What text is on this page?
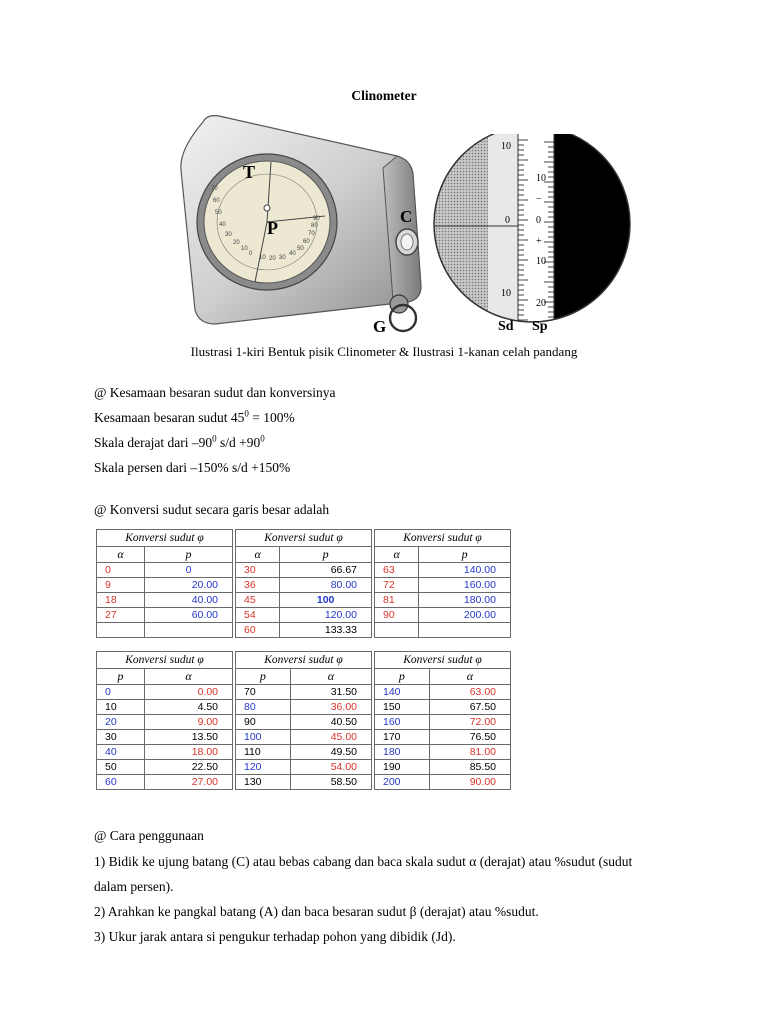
Clinometer
T
P
70
60
50
40
30
20
10
0
10 20 30
40
50
60
70
80
90	C
G
10
0
10
10
−
0
+
10
20
Sd Sp
Ilustrasi 1-kiri Bentuk pisik Clinometer & Ilustrasi 1-kanan celah pandang
@ Kesamaan besaran sudut dan konversinya
Kesamaan besaran sudut $45^0 = 100\%$
Skala derajat dari $-90^0$ $s/d +90^0$
Skala persen dari –150% s/d +150%
@ Konversi sudut secara garis besar adalah
Konversi sudut φ	
α	p
0	0
9	20.00
18	40.00
27	60.00

Konversi sudut φ	
α	p
30	66.67
36	80.00
45	100
54	120.00
60	133.33
Konversi sudut φ	
α	p
63	140.00
72	160.00
81	180.00
90	200.00

Konversi sudut φ	
p	α
0	0.00
10	4.50
20	9.00
30	13.50
40	18.00
50	22.50
60	27.00
Konversi sudut φ	
p	α
70	31.50
80	36.00
90	40.50
100	45.00
110	49.50
120	54.00
130	58.50
Konversi sudut φ	
p	α
140	63.00
150	67.50
160	72.00
170	76.50
180	81.00
190	85.50
200	90.00
@ Cara penggunaan
1) Bidik ke ujung batang (C) atau bebas cabang dan baca skala sudut α (derajat) atau %sudut (sudut
dalam persen).
2) Arahkan ke pangkal batang (A) dan baca besaran sudut β (derajat) atau %sudut.
3) Ukur jarak antara si pengukur terhadap pohon yang dibidik (Jd).
